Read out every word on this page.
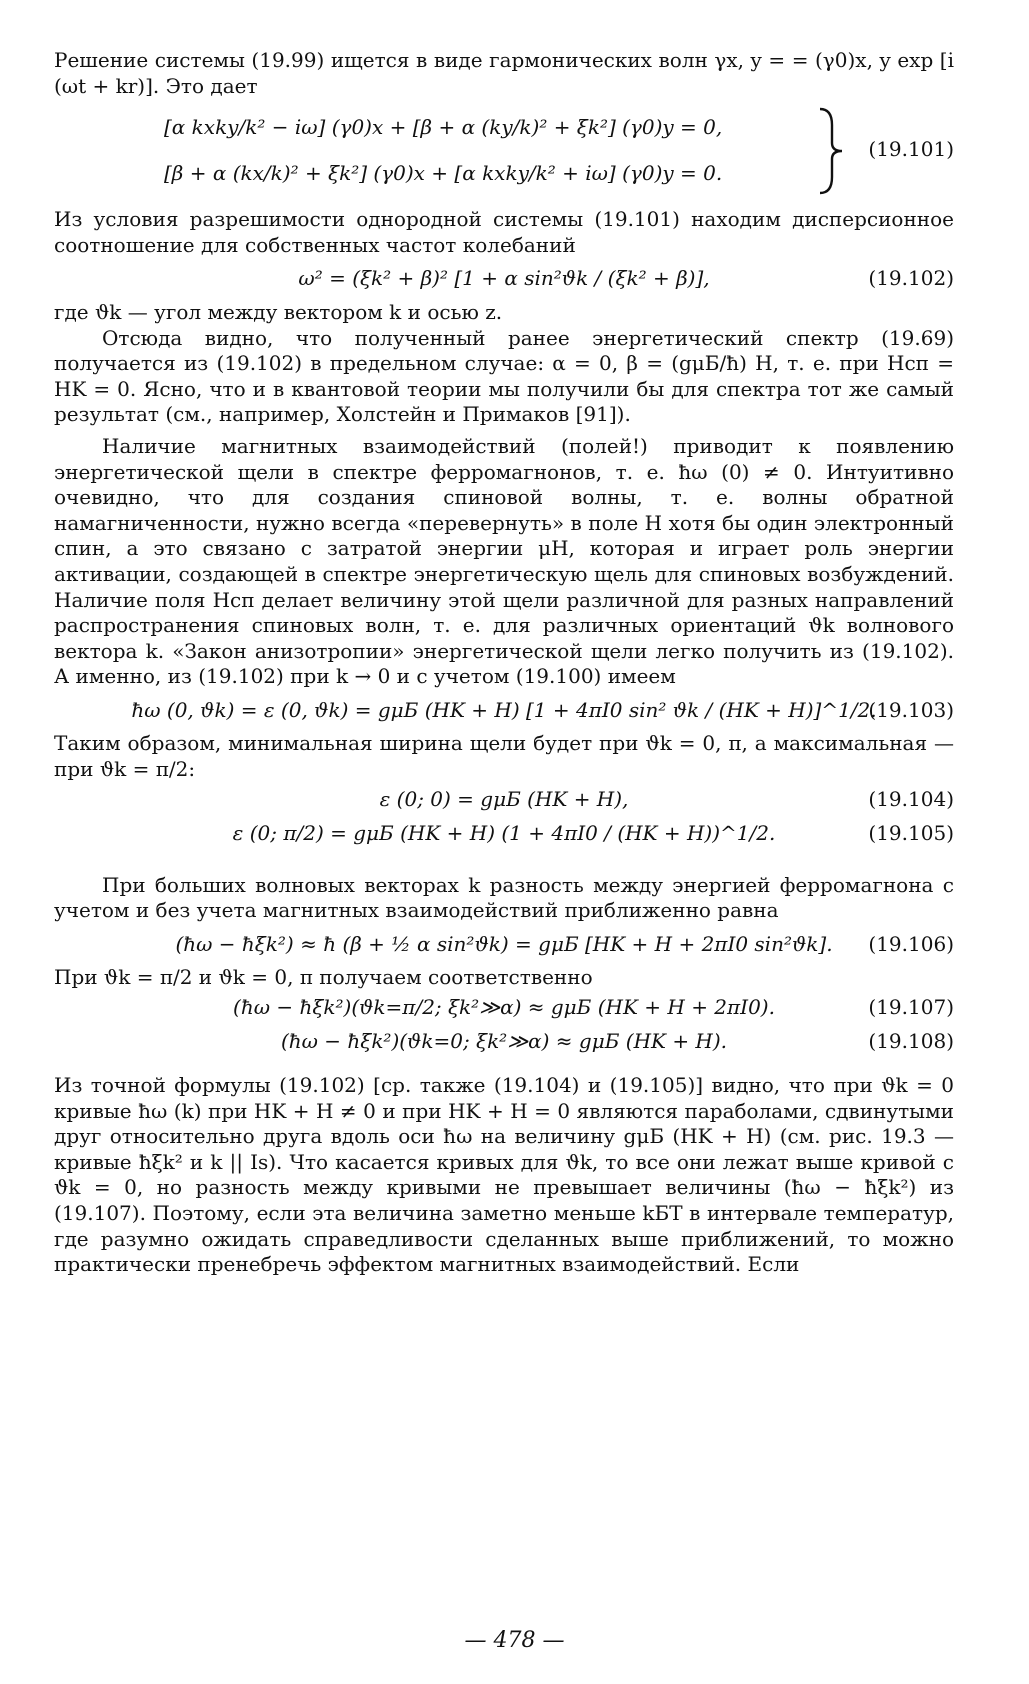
Решение системы (19.99) ищется в виде гармонических волн γx, y = = (γ0)x, y exp [i (ωt + kr)]. Это дает

[α kxky/k² − iω] (γ0)x + [β + α (ky/k)² + ξk²] (γ0)y = 0,
[β + α (kx/k)² + ξk²] (γ0)x + [α kxky/k² + iω] (γ0)y = 0.
(19.101)

Из условия разрешимости однородной системы (19.101) находим дисперсионное соотношение для собственных частот колебаний

ω² = (ξk² + β)² [1 + α sin²ϑk / (ξk² + β)],	(19.102)

где ϑk — угол между вектором k и осью z.

Отсюда видно, что полученный ранее энергетический спектр (19.69) получается из (19.102) в предельном случае: α = 0, β = (gμБ/ħ) H, т. е. при Hсп = HK = 0. Ясно, что и в квантовой теории мы получили бы для спектра тот же самый результат (см., например, Холстейн и Примаков [91]).

Наличие магнитных взаимодействий (полей!) приводит к появлению энергетической щели в спектре ферромагнонов, т. е. ħω (0) ≠ 0. Интуитивно очевидно, что для создания спиновой волны, т. е. волны обратной намагниченности, нужно всегда «перевернуть» в поле H хотя бы один электронный спин, а это связано с затратой энергии μH, которая и играет роль энергии активации, создающей в спектре энергетическую щель для спиновых возбуждений. Наличие поля Hсп делает величину этой щели различной для разных направлений распространения спиновых волн, т. е. для различных ориентаций ϑk волнового вектора k. «Закон анизотропии» энергетической щели легко получить из (19.102). А именно, из (19.102) при k → 0 и с учетом (19.100) имеем

ħω (0, ϑk) = ε (0, ϑk) = gμБ (HK + H) [1 + 4πI0 sin² ϑk / (HK + H)]^1/2.
(19.103)

Таким образом, минимальная ширина щели будет при ϑk = 0, π, а максимальная — при ϑk = π/2:

ε (0; 0) = gμБ (HK + H),	(19.104)
ε (0; π/2) = gμБ (HK + H) (1 + 4πI0 / (HK + H))^1/2.	(19.105)

При больших волновых векторах k разность между энергией ферромагнона с учетом и без учета магнитных взаимодействий приближенно равна

(ħω − ħξk²) ≈ ħ (β + ½ α sin²ϑk) = gμБ [HK + H + 2πI0 sin²ϑk]. (19.106)

При ϑk = π/2 и ϑk = 0, π получаем соответственно

(ħω − ħξk²)(ϑk=π/2; ξk²≫α) ≈ gμБ (HK + H + 2πI0).	(19.107)
(ħω − ħξk²)(ϑk=0; ξk²≫α) ≈ gμБ (HK + H).	(19.108)

Из точной формулы (19.102) [ср. также (19.104) и (19.105)] видно, что при ϑk = 0 кривые ħω (k) при HK + H ≠ 0 и при HK + H = 0 являются параболами, сдвинутыми друг относительно друга вдоль оси ħω на величину gμБ (HK + H) (см. рис. 19.3 — кривые ħξk² и k || Is). Что касается кривых для ϑk, то все они лежат выше кривой с ϑk = 0, но разность между кривыми не превышает величины (ħω − ħξk²) из (19.107). Поэтому, если эта величина заметно меньше kБT в интервале температур, где разумно ожидать справедливости сделанных выше приближений, то можно практически пренебречь эффектом магнитных взаимодействий. Если

— 478 —
